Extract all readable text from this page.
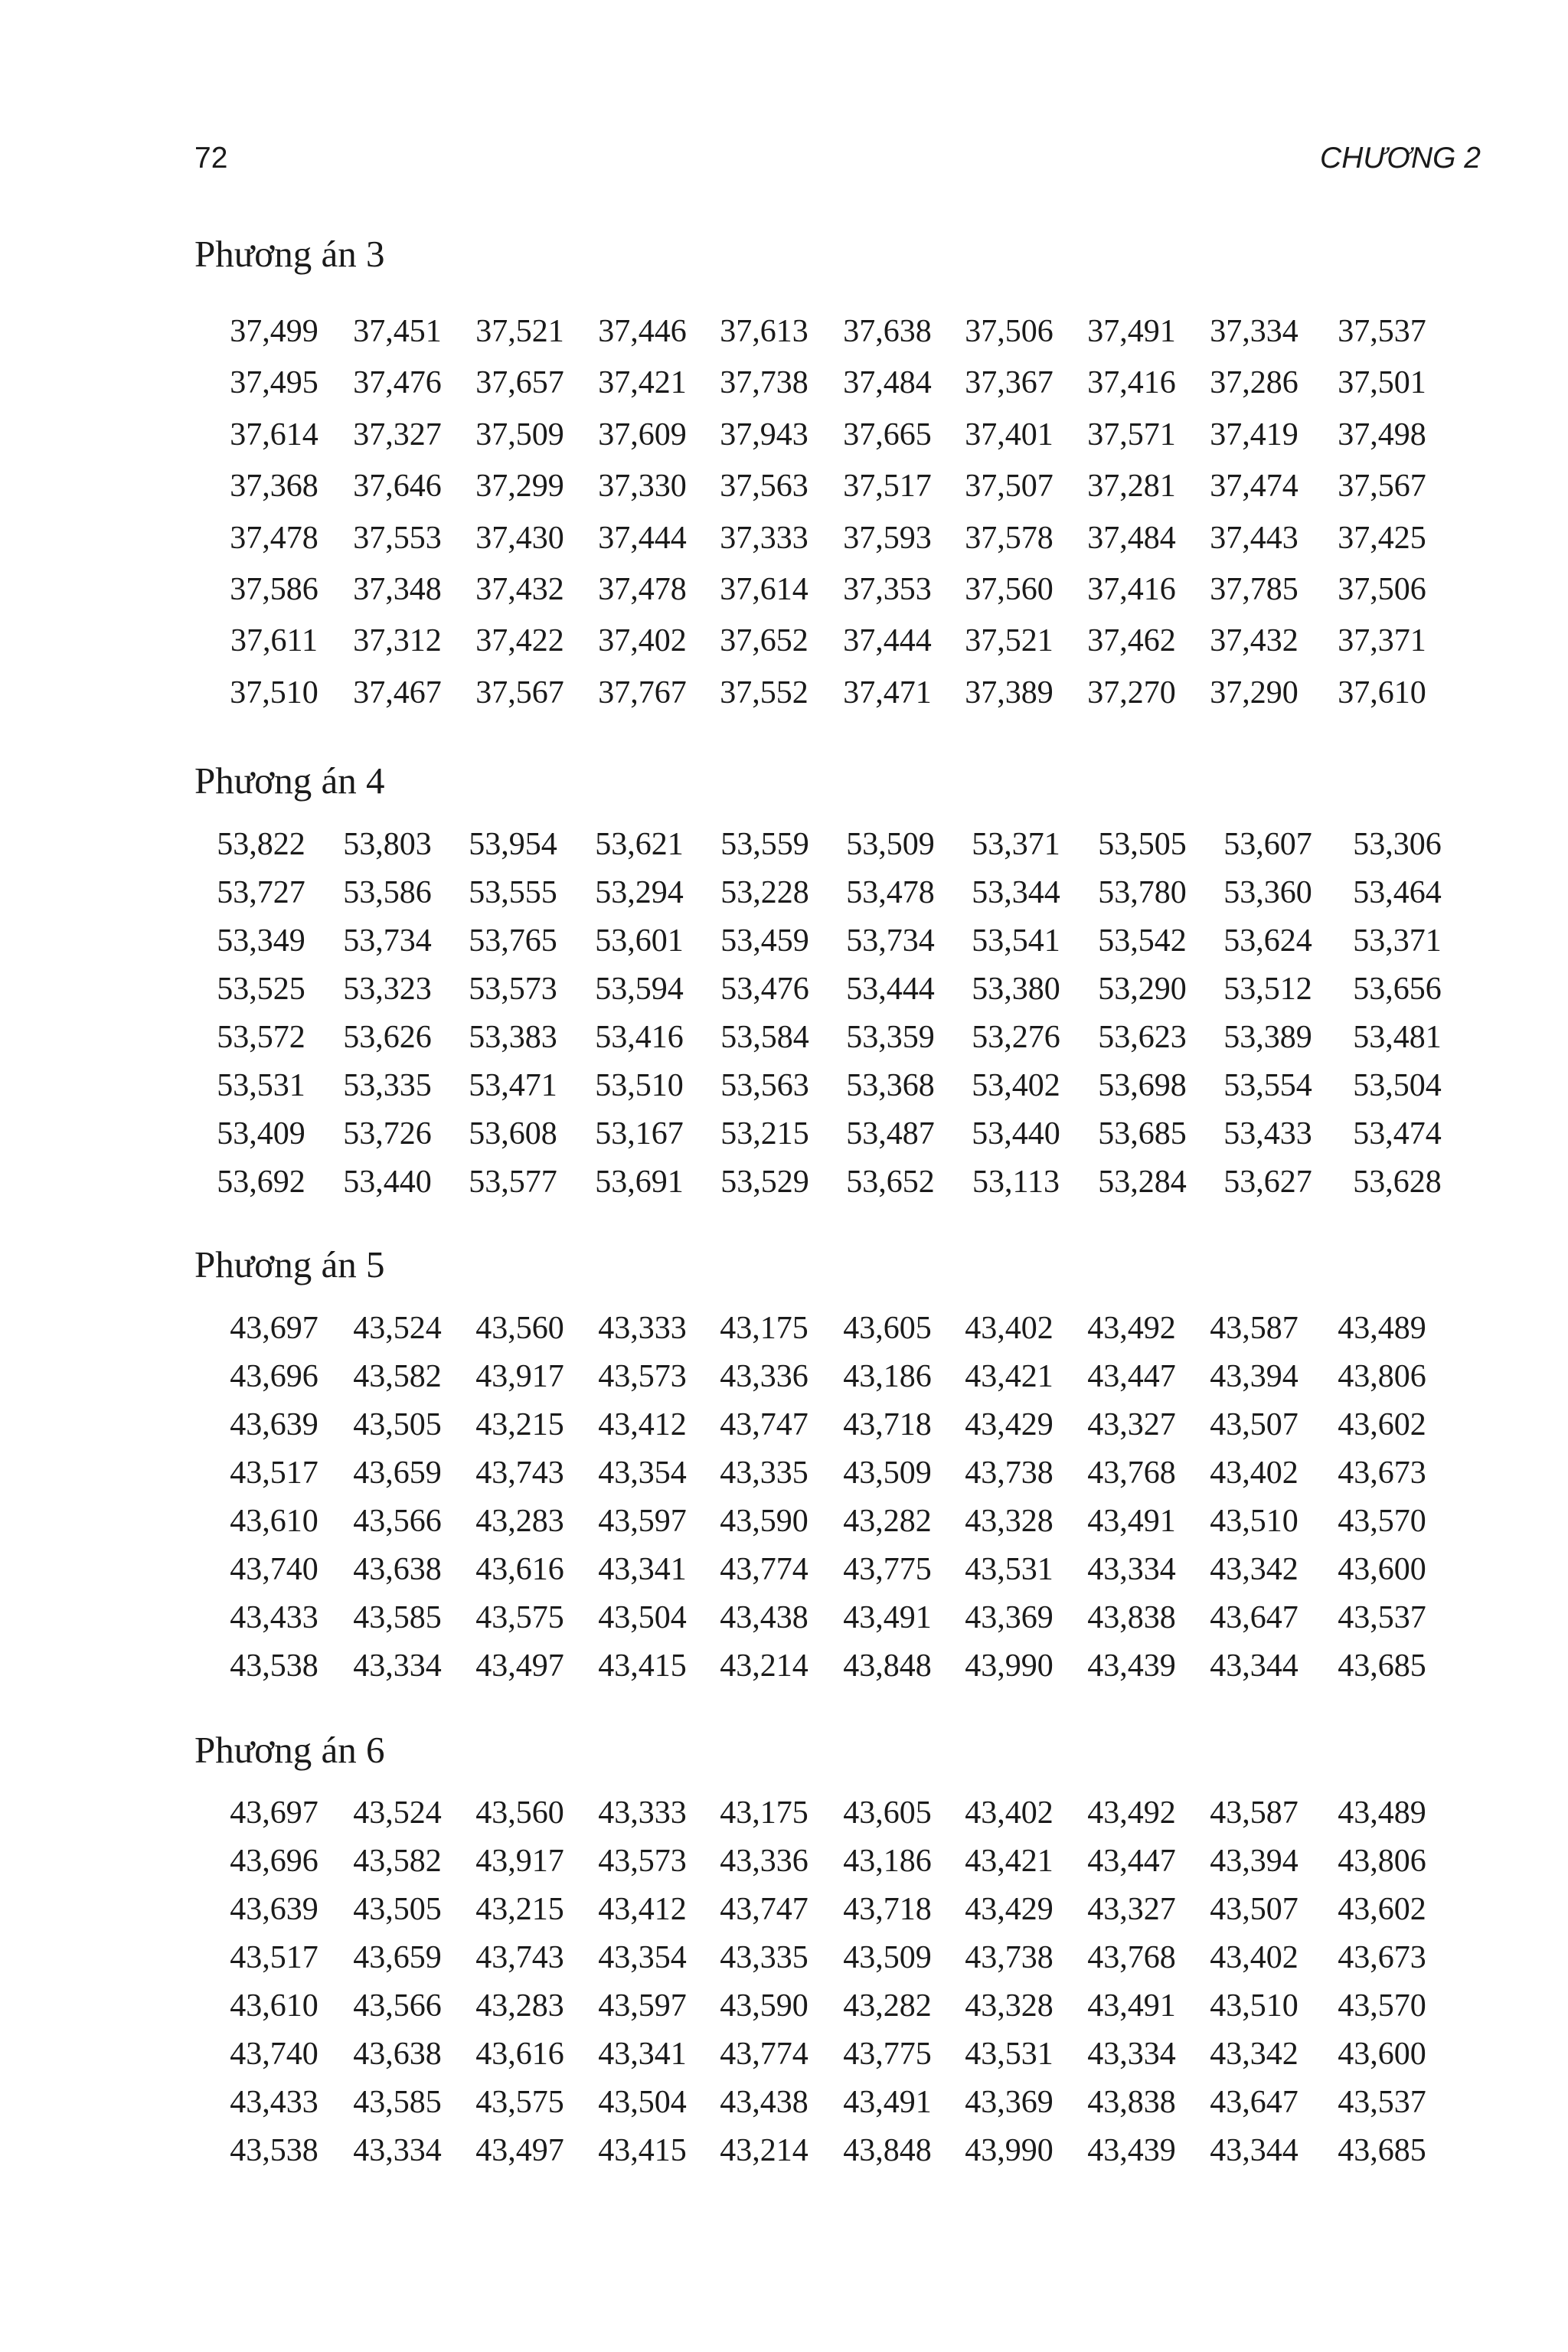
72	CHƯƠNG 2
Phương án 3
37,499	37,451	37,521	37,446	37,613	37,638	37,506	37,491	37,334	37,537
37,495	37,476	37,657	37,421	37,738	37,484	37,367	37,416	37,286	37,501
37,614	37,327	37,509	37,609	37,943	37,665	37,401	37,571	37,419	37,498
37,368	37,646	37,299	37,330	37,563	37,517	37,507	37,281	37,474	37,567
37,478	37,553	37,430	37,444	37,333	37,593	37,578	37,484	37,443	37,425
37,586	37,348	37,432	37,478	37,614	37,353	37,560	37,416	37,785	37,506
37,611	37,312	37,422	37,402	37,652	37,444	37,521	37,462	37,432	37,371
37,510	37,467	37,567	37,767	37,552	37,471	37,389	37,270	37,290	37,610
Phương án 4
53,822	53,803	53,954	53,621	53,559	53,509	53,371	53,505	53,607	53,306
53,727	53,586	53,555	53,294	53,228	53,478	53,344	53,780	53,360	53,464
53,349	53,734	53,765	53,601	53,459	53,734	53,541	53,542	53,624	53,371
53,525	53,323	53,573	53,594	53,476	53,444	53,380	53,290	53,512	53,656
53,572	53,626	53,383	53,416	53,584	53,359	53,276	53,623	53,389	53,481
53,531	53,335	53,471	53,510	53,563	53,368	53,402	53,698	53,554	53,504
53,409	53,726	53,608	53,167	53,215	53,487	53,440	53,685	53,433	53,474
53,692	53,440	53,577	53,691	53,529	53,652	53,113	53,284	53,627	53,628
Phương án 5
43,697	43,524	43,560	43,333	43,175	43,605	43,402	43,492	43,587	43,489
43,696	43,582	43,917	43,573	43,336	43,186	43,421	43,447	43,394	43,806
43,639	43,505	43,215	43,412	43,747	43,718	43,429	43,327	43,507	43,602
43,517	43,659	43,743	43,354	43,335	43,509	43,738	43,768	43,402	43,673
43,610	43,566	43,283	43,597	43,590	43,282	43,328	43,491	43,510	43,570
43,740	43,638	43,616	43,341	43,774	43,775	43,531	43,334	43,342	43,600
43,433	43,585	43,575	43,504	43,438	43,491	43,369	43,838	43,647	43,537
43,538	43,334	43,497	43,415	43,214	43,848	43,990	43,439	43,344	43,685
Phương án 6
43,697	43,524	43,560	43,333	43,175	43,605	43,402	43,492	43,587	43,489
43,696	43,582	43,917	43,573	43,336	43,186	43,421	43,447	43,394	43,806
43,639	43,505	43,215	43,412	43,747	43,718	43,429	43,327	43,507	43,602
43,517	43,659	43,743	43,354	43,335	43,509	43,738	43,768	43,402	43,673
43,610	43,566	43,283	43,597	43,590	43,282	43,328	43,491	43,510	43,570
43,740	43,638	43,616	43,341	43,774	43,775	43,531	43,334	43,342	43,600
43,433	43,585	43,575	43,504	43,438	43,491	43,369	43,838	43,647	43,537
43,538	43,334	43,497	43,415	43,214	43,848	43,990	43,439	43,344	43,685
